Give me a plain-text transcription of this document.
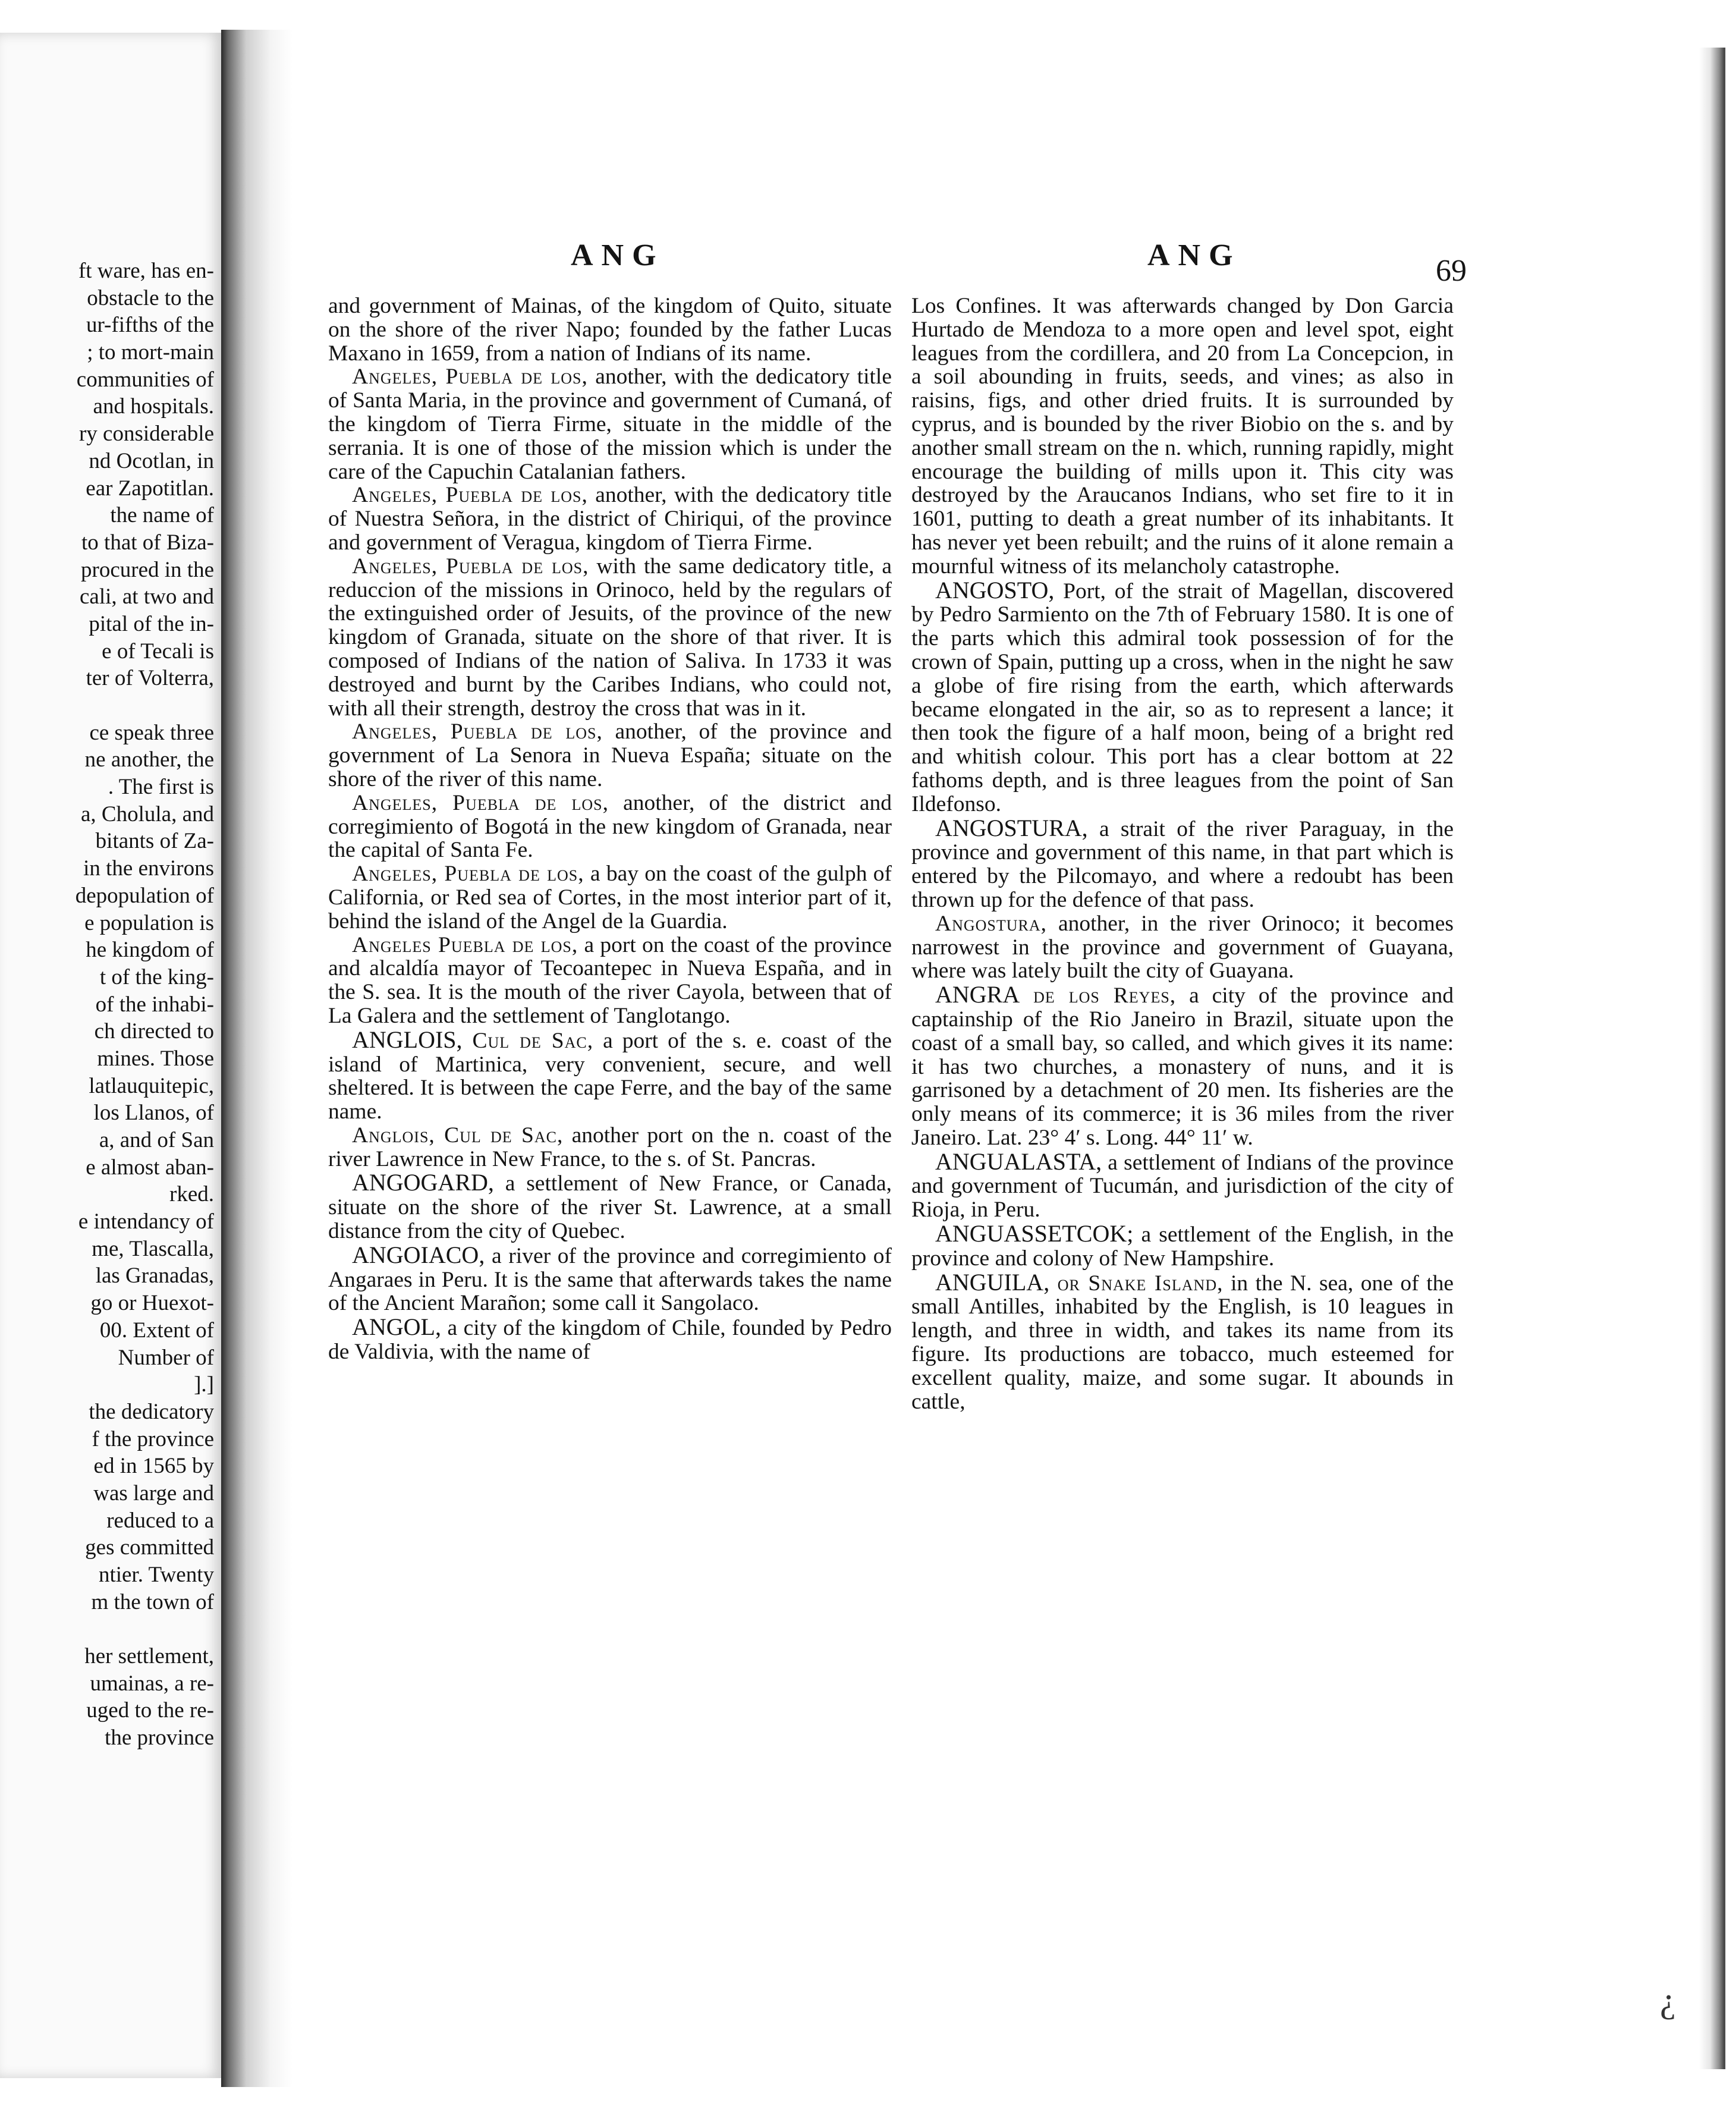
ft ware, has en-
obstacle to the
ur-fifths of the
; to mort-main
communities of
and hospitals.
ry considerable
nd Ocotlan, in
ear Zapotitlan.
the name of
to that of Biza-
procured in the
cali, at two and
pital of the in-
e of Tecali is
ter of Volterra,
ce speak three
ne another, the
. The first is
a, Cholula, and
bitants of Za-
in the environs
depopulation of
e population is
he kingdom of
t of the king-
of the inhabi-
ch directed to
mines. Those
latlauquitepic,
los Llanos, of
a, and of San
e almost aban-
rked.
e intendancy of
me, Tlascalla,
las Granadas,
go or Huexot-
00. Extent of
Number of
].]
the dedicatory
f the province
ed in 1565 by
was large and
reduced to a
ges committed
ntier. Twenty
m the town of
her settlement,
umainas, a re-
uged to the re-
the province
¿
ANG	ANG	69

and government of Mainas, of the kingdom of Quito, situate on the shore of the river Napo; founded by the father Lucas Maxano in 1659, from a nation of Indians of its name.

Angeles, Puebla de los, another, with the dedicatory title of Santa Maria, in the province and government of Cumaná, of the kingdom of Tierra Firme, situate in the middle of the serrania. It is one of those of the mission which is under the care of the Capuchin Catalanian fathers.

Angeles, Puebla de los, another, with the dedicatory title of Nuestra Señora, in the district of Chiriqui, of the province and government of Veragua, kingdom of Tierra Firme.

Angeles, Puebla de los, with the same dedicatory title, a reduccion of the missions in Orinoco, held by the regulars of the extinguished order of Jesuits, of the province of the new kingdom of Granada, situate on the shore of that river. It is composed of Indians of the nation of Saliva. In 1733 it was destroyed and burnt by the Caribes Indians, who could not, with all their strength, destroy the cross that was in it.

Angeles, Puebla de los, another, of the province and government of La Senora in Nueva España; situate on the shore of the river of this name.

Angeles, Puebla de los, another, of the district and corregimiento of Bogotá in the new kingdom of Granada, near the capital of Santa Fe.

Angeles, Puebla de los, a bay on the coast of the gulph of California, or Red sea of Cortes, in the most interior part of it, behind the island of the Angel de la Guardia.

Angeles Puebla de los, a port on the coast of the province and alcaldía mayor of Tecoantepec in Nueva España, and in the S. sea. It is the mouth of the river Cayola, between that of La Galera and the settlement of Tanglotango.

ANGLOIS, Cul de Sac, a port of the s. e. coast of the island of Martinica, very convenient, secure, and well sheltered. It is between the cape Ferre, and the bay of the same name.

Anglois, Cul de Sac, another port on the n. coast of the river Lawrence in New France, to the s. of St. Pancras.

ANGOGARD, a settlement of New France, or Canada, situate on the shore of the river St. Lawrence, at a small distance from the city of Quebec.

ANGOIACO, a river of the province and corregimiento of Angaraes in Peru. It is the same that afterwards takes the name of the Ancient Marañon; some call it Sangolaco.

ANGOL, a city of the kingdom of Chile, founded by Pedro de Valdivia, with the name of

Los Confines. It was afterwards changed by Don Garcia Hurtado de Mendoza to a more open and level spot, eight leagues from the cordillera, and 20 from La Concepcion, in a soil abounding in fruits, seeds, and vines; as also in raisins, figs, and other dried fruits. It is surrounded by cyprus, and is bounded by the river Biobio on the s. and by another small stream on the n. which, running rapidly, might encourage the building of mills upon it. This city was destroyed by the Araucanos Indians, who set fire to it in 1601, putting to death a great number of its inhabitants. It has never yet been rebuilt; and the ruins of it alone remain a mournful witness of its melancholy catastrophe.

ANGOSTO, Port, of the strait of Magellan, discovered by Pedro Sarmiento on the 7th of February 1580. It is one of the parts which this admiral took possession of for the crown of Spain, putting up a cross, when in the night he saw a globe of fire rising from the earth, which afterwards became elongated in the air, so as to represent a lance; it then took the figure of a half moon, being of a bright red and whitish colour. This port has a clear bottom at 22 fathoms depth, and is three leagues from the point of San Ildefonso.

ANGOSTURA, a strait of the river Paraguay, in the province and government of this name, in that part which is entered by the Pilcomayo, and where a redoubt has been thrown up for the defence of that pass.

Angostura, another, in the river Orinoco; it becomes narrowest in the province and government of Guayana, where was lately built the city of Guayana.

ANGRA de los Reyes, a city of the province and captainship of the Rio Janeiro in Brazil, situate upon the coast of a small bay, so called, and which gives it its name: it has two churches, a monastery of nuns, and it is garrisoned by a detachment of 20 men. Its fisheries are the only means of its commerce; it is 36 miles from the river Janeiro. Lat. 23° 4′ s. Long. 44° 11′ w.

ANGUALASTA, a settlement of Indians of the province and government of Tucumán, and jurisdiction of the city of Rioja, in Peru.

ANGUASSETCOK; a settlement of the English, in the province and colony of New Hampshire.

ANGUILA, or Snake Island, in the N. sea, one of the small Antilles, inhabited by the English, is 10 leagues in length, and three in width, and takes its name from its figure. Its productions are tobacco, much esteemed for excellent quality, maize, and some sugar. It abounds in cattle,
